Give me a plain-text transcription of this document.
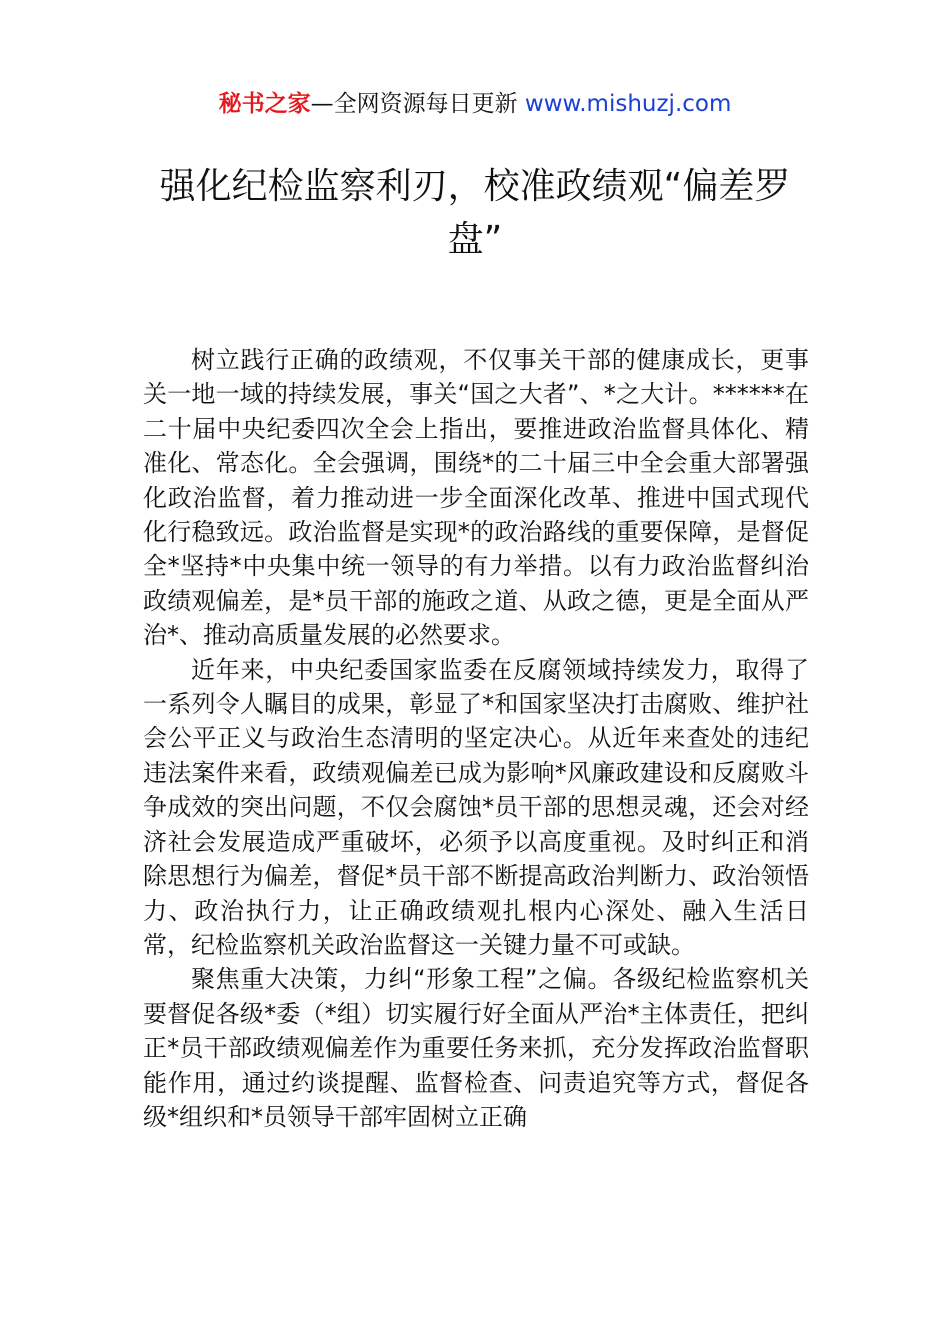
秘书之家—全网资源每日更新 www.mishuzj.com
强化纪检监察利刃，校准政绩观“偏差罗盘”

树立践行正确的政绩观，不仅事关干部的健康成长，更事关一地一域的持续发展，事关“国之大者”、*之大计。******在二十届中央纪委四次全会上指出，要推进政治监督具体化、精准化、常态化。全会强调，围绕*的二十届三中全会重大部署强化政治监督，着力推动进一步全面深化改革、推进中国式现代化行稳致远。政治监督是实现*的政治路线的重要保障，是督促全*坚持*中央集中统一领导的有力举措。以有力政治监督纠治政绩观偏差，是*员干部的施政之道、从政之德，更是全面从严治*、推动高质量发展的必然要求。

近年来，中央纪委国家监委在反腐领域持续发力，取得了一系列令人瞩目的成果，彰显了*和国家坚决打击腐败、维护社会公平正义与政治生态清明的坚定决心。从近年来查处的违纪违法案件来看，政绩观偏差已成为影响*风廉政建设和反腐败斗争成效的突出问题，不仅会腐蚀*员干部的思想灵魂，还会对经济社会发展造成严重破坏，必须予以高度重视。及时纠正和消除思想行为偏差，督促*员干部不断提高政治判断力、政治领悟力、政治执行力，让正确政绩观扎根内心深处、融入生活日常，纪检监察机关政治监督这一关键力量不可或缺。

聚焦重大决策，力纠“形象工程”之偏。各级纪检监察机关要督促各级*委（*组）切实履行好全面从严治*主体责任，把纠正*员干部政绩观偏差作为重要任务来抓，充分发挥政治监督职能作用，通过约谈提醒、监督检查、问责追究等方式，督促各级*组织和*员领导干部牢固树立正确
